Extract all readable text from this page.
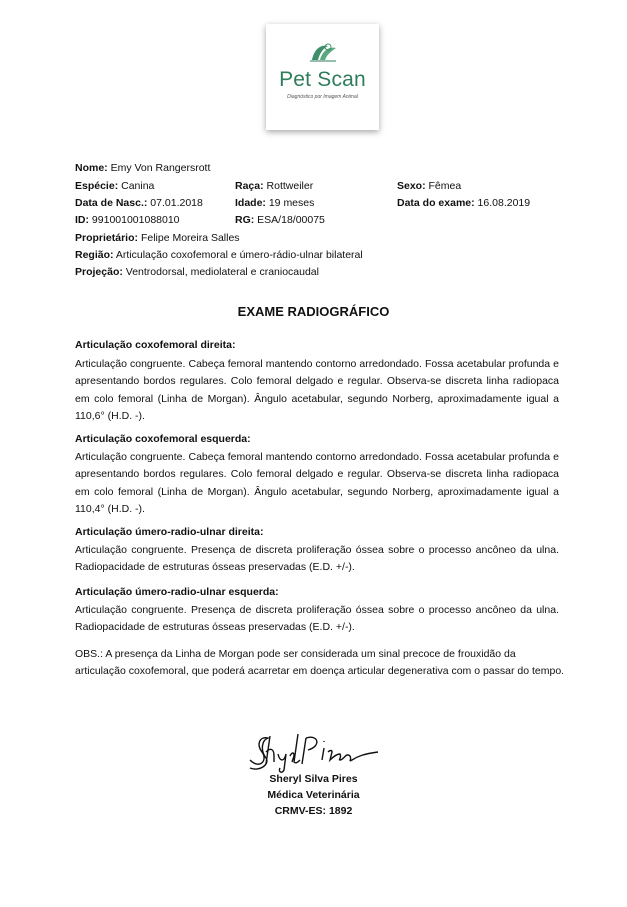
Pet Scan
Diagnóstico por Imagem Animal
Nome: Emy Von Rangersrott
Espécie: Canina	Raça: Rottweiler	Sexo: Fêmea
Data de Nasc.: 07.01.2018	Idade: 19 meses	Data do exame: 16.08.2019
ID: 991001001088010	RG: ESA/18/00075
Proprietário: Felipe Moreira Salles
Região: Articulação coxofemoral e úmero-rádio-ulnar bilateral
Projeção: Ventrodorsal, mediolateral e craniocaudal
EXAME RADIOGRÁFICO
Articulação coxofemoral direita:
Articulação congruente. Cabeça femoral mantendo contorno arredondado. Fossa acetabular profunda e apresentando bordos regulares. Colo femoral delgado e regular. Observa-se discreta linha radiopaca em colo femoral (Linha de Morgan). Ângulo acetabular, segundo Norberg, aproximadamente igual a 110,6° (H.D. -).
Articulação coxofemoral esquerda:
Articulação congruente. Cabeça femoral mantendo contorno arredondado. Fossa acetabular profunda e apresentando bordos regulares. Colo femoral delgado e regular. Observa-se discreta linha radiopaca em colo femoral (Linha de Morgan). Ângulo acetabular, segundo Norberg, aproximadamente igual a 110,4° (H.D. -).
Articulação úmero-radio-ulnar direita:
Articulação congruente. Presença de discreta proliferação óssea sobre o processo ancôneo da ulna. Radiopacidade de estruturas ósseas preservadas (E.D. +/-).
Articulação úmero-radio-ulnar esquerda:
Articulação congruente. Presença de discreta proliferação óssea sobre o processo ancôneo da ulna. Radiopacidade de estruturas ósseas preservadas (E.D. +/-).
OBS.: A presença da Linha de Morgan pode ser considerada um sinal precoce de frouxidão da articulação coxofemoral, que poderá acarretar em doença articular degenerativa com o passar do tempo.
Sheryl Pires
Sheryl Silva Pires
Médica Veterinária
CRMV-ES: 1892
